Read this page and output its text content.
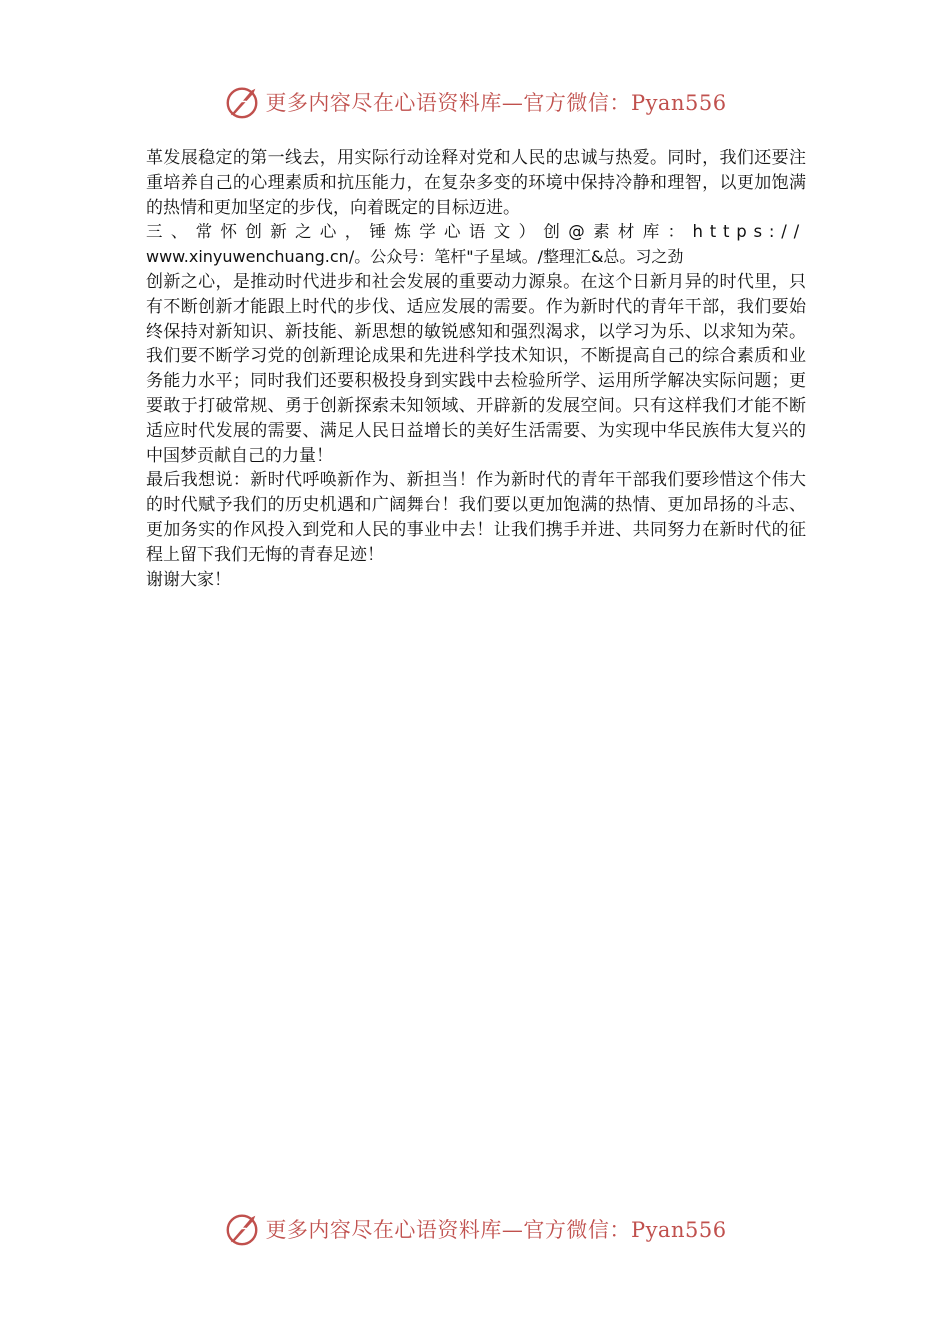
更多内容尽在心语资料库—官方微信：Pyan556

革发展稳定的第一线去，用实际行动诠释对党和人民的忠诚与热爱。同时，我们还要注重培养自己的心理素质和抗压能力，在复杂多变的环境中保持冷静和理智，以更加饱满的热情和更加坚定的步伐，向着既定的目标迈进。

三、常怀创新之心，锤炼学心语文）创@素材库：https://

www.xinyuwenchuang.cn/。公众号：笔杆"子星域。/整理汇&总。习之劲

创新之心，是推动时代进步和社会发展的重要动力源泉。在这个日新月异的时代里，只有不断创新才能跟上时代的步伐、适应发展的需要。作为新时代的青年干部，我们要始终保持对新知识、新技能、新思想的敏锐感知和强烈渴求，以学习为乐、以求知为荣。我们要不断学习党的创新理论成果和先进科学技术知识，不断提高自己的综合素质和业务能力水平；同时我们还要积极投身到实践中去检验所学、运用所学解决实际问题；更要敢于打破常规、勇于创新探索未知领域、开辟新的发展空间。只有这样我们才能不断适应时代发展的需要、满足人民日益增长的美好生活需要、为实现中华民族伟大复兴的中国梦贡献自己的力量！

最后我想说：新时代呼唤新作为、新担当！作为新时代的青年干部我们要珍惜这个伟大的时代赋予我们的历史机遇和广阔舞台！我们要以更加饱满的热情、更加昂扬的斗志、更加务实的作风投入到党和人民的事业中去！让我们携手并进、共同努力在新时代的征程上留下我们无悔的青春足迹！

谢谢大家！

更多内容尽在心语资料库—官方微信：Pyan556
